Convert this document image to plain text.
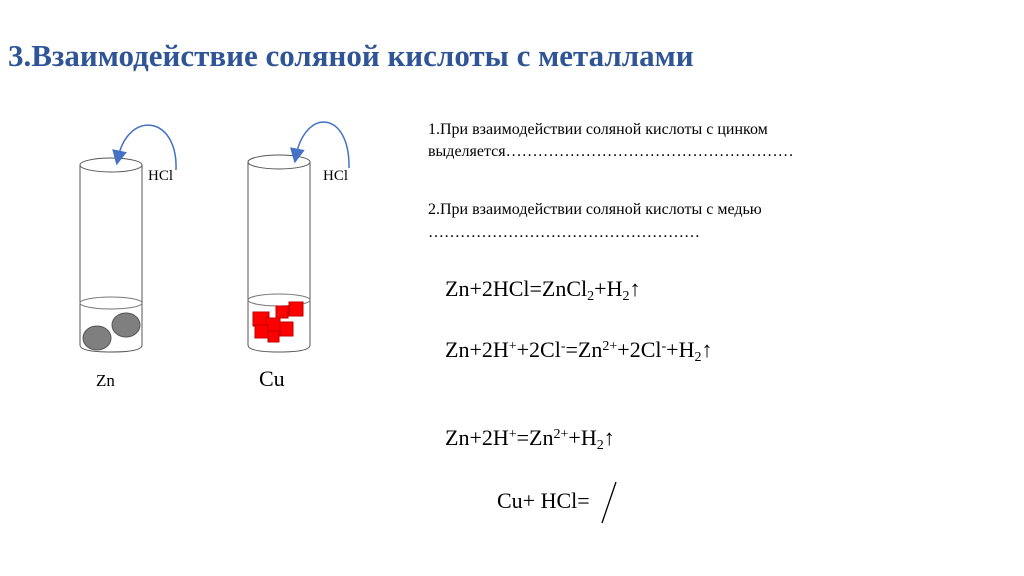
3.Взаимодействие соляной кислоты с металлами
HCl	HCl
Zn	Cu
1.При взаимодействии соляной кислоты с цинком
выделяется………………………………………………
2.При взаимодействии соляной кислоты с медью
……………………………………………
$Zn+2HCl=ZnCl_2+H_2↑$
$Zn+2H^++2Cl^-=Zn^{2+}+2Cl^-+H_2↑$
$Zn+2H^+=Zn^{2+}+H_2↑$
Cu+ HCl=
